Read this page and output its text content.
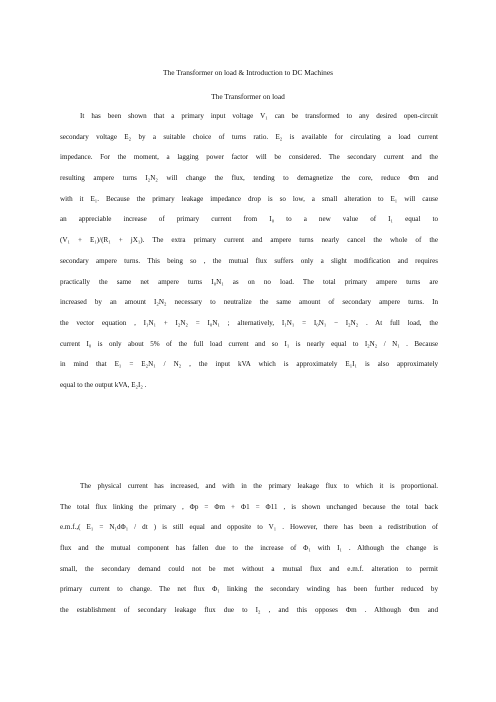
The Transformer on load & Introduction to DC Machines
The Transformer on load
It has been shown that a primary input voltage V₁ can be transformed to any desired open-circuit
secondary voltage E₂ by a suitable choice of turns ratio. E₂ is available for circulating a load current
impedance. For the moment, a lagging power factor will be considered. The secondary current and the
resulting ampere turns I₂N₂ will change the flux, tending to demagnetize the core, reduce Φm and
with it E₁. Because the primary leakage impedance drop is so low, a small alteration to E₁ will cause
an appreciable increase of primary current from I₀ to a new value of I₁ equal to
(V₁ + E₁)/(R₁ + jX₁). The extra primary current and ampere turns nearly cancel the whole of the
secondary ampere turns. This being so , the mutual flux suffers only a slight modification and requires
practically the same net ampere turns I₀N₁ as on no load. The total primary ampere turns are
increased by an amount I₂N₂ necessary to neutralize the same amount of secondary ampere turns. In
the vector equation , I₁N₁ + I₂N₂ = I₀N₁ ; alternatively, I₁N₁ = I₀N₁ − I₂N₂ . At full load, the
current I₀ is only about 5% of the full load current and so I₁ is nearly equal to I₂N₂ / N₁ . Because
in mind that E₁ = E₂N₁ / N₂ , the input kVA which is approximately E₁I₁ is also approximately
equal to the output kVA, E₂I₂ .
The physical current has increased, and with in the primary leakage flux to which it is proportional.
The total flux linking the primary , Φp = Φm + Φ1 = Φ11 , is shown unchanged because the total back
e.m.f.,( E₁ = N₁dΦ₁ / dt ) is still equal and opposite to V₁ . However, there has been a redistribution of
flux and the mutual component has fallen due to the increase of Φ₁ with I₁ . Although the change is
small, the secondary demand could not be met without a mutual flux and e.m.f. alteration to permit
primary current to change. The net flux Φ₁ linking the secondary winding has been further reduced by
the establishment of secondary leakage flux due to I₂ , and this opposes Φm . Although Φm and
